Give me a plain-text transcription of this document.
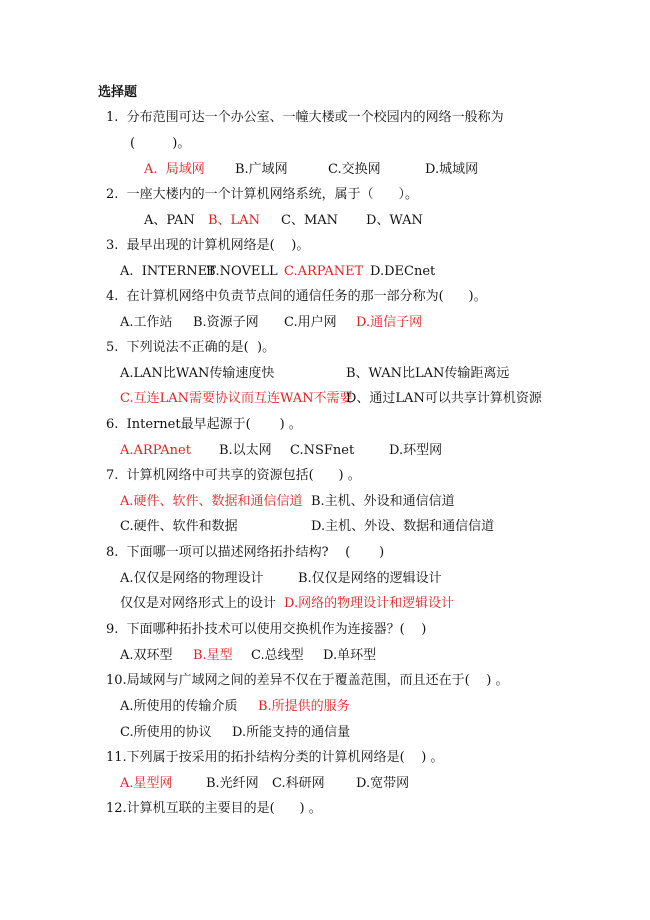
选择题
1.  分布范围可达一个办公室、一幢大楼或一个校园内的网络一般称为
(         )。
A.  局域网 B.广域网	C.交换网	D.城域网
2.  一座大楼内的一个计算机网络系统，属于（      ）。
A、PAN B、LAN C、MAN D、WAN
3.  最早出现的计算机网络是(    )。
A.  INTERNET
B.NOVELL C.ARPANET D.DECnet
4.  在计算机网络中负责节点间的通信任务的那一部分称为(      )。
A.工作站 B.资源子网 C.用户网 D.通信子网
5.  下列说法不正确的是(  )。
A.LAN比WAN传输速度快	B、WAN比LAN传输距离远
C.互连LAN需要协议而互连WAN不需要
D、通过LAN可以共享计算机资源
6.  Internet最早起源于(       ) 。
A.ARPAnet B.以太网 C.NSFnet	D.环型网
7.  计算机网络中可共享的资源包括(      ) 。
A.硬件、软件、数据和通信信道 B.主机、外设和通信信道
C.硬件、软件和数据	D.主机、外设、数据和通信信道
8.  下面哪一项可以描述网络拓扑结构?    (       )
A.仅仅是网络的物理设计	B.仅仅是网络的逻辑设计
仅仅是对网络形式上的设计 D.网络的物理设计和逻辑设计
9.  下面哪种拓扑技术可以使用交换机作为连接器？(    )
A.双环型 B.星型 C.总线型 D.单环型
10.局域网与广域网之间的差异不仅在于覆盖范围，而且还在于(    ) 。
A.所使用的传输介质 B.所提供的服务
C.所使用的协议 D.所能支持的通信量
11.下列属于按采用的拓扑结构分类的计算机网络是(    ) 。
A.星型网	B.光纤网 C.科研网 D.宽带网
12.计算机互联的主要目的是(      ) 。
